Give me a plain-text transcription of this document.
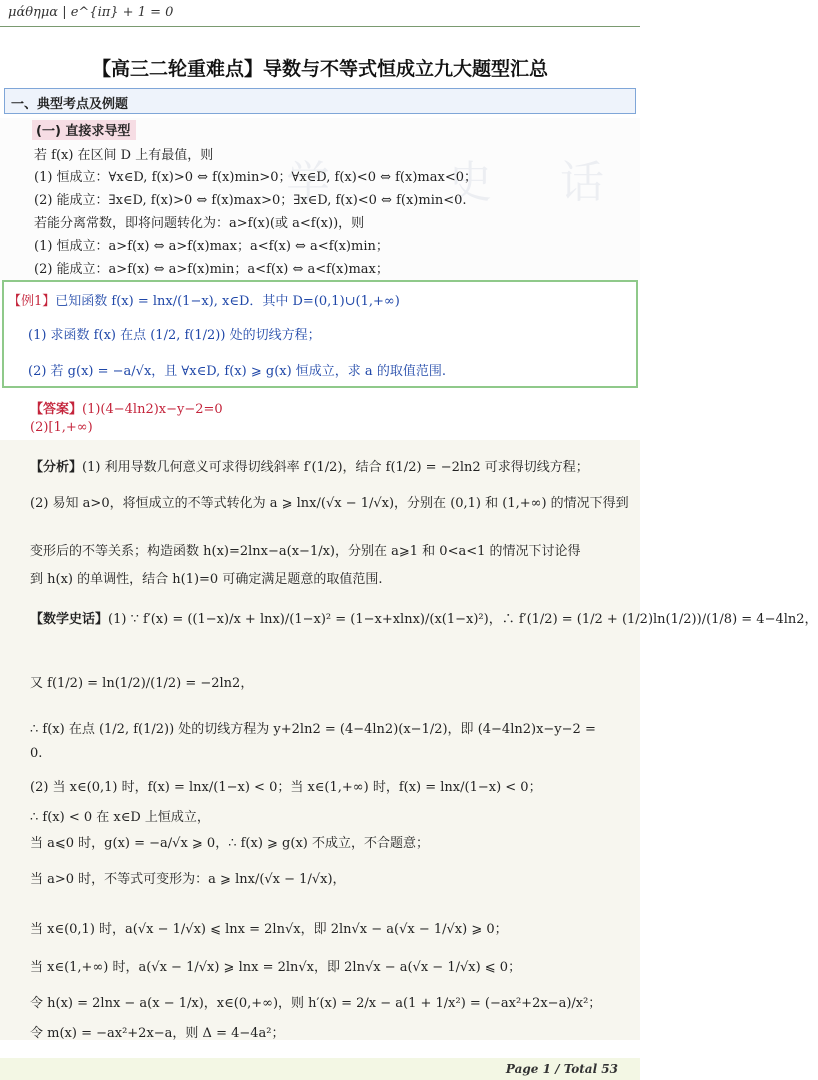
μάθημα | e^{iπ} + 1 = 0
【高三二轮重难点】导数与不等式恒成立九大题型汇总
一、典型考点及例题
学	史 话
(一) 直接求导型
若 f(x) 在区间 D 上有最值，则
(1) 恒成立：∀x∈D, f(x)>0 ⇔ f(x)min>0；∀x∈D, f(x)<0 ⇔ f(x)max<0；
(2) 能成立：∃x∈D, f(x)>0 ⇔ f(x)max>0；∃x∈D, f(x)<0 ⇔ f(x)min<0.
若能分离常数，即将问题转化为：a>f(x)(或 a<f(x))，则
(1) 恒成立：a>f(x) ⇔ a>f(x)max；a<f(x) ⇔ a<f(x)min；
(2) 能成立：a>f(x) ⇔ a>f(x)min；a<f(x) ⇔ a<f(x)max；
【例1】已知函数 f(x) = lnx/(1−x), x∈D．其中 D=(0,1)∪(1,+∞)
(1) 求函数 f(x) 在点 (1/2, f(1/2)) 处的切线方程；
(2) 若 g(x) = −a/√x，且 ∀x∈D, f(x) ⩾ g(x) 恒成立，求 a 的取值范围.
【答案】(1)(4−4ln2)x−y−2=0
(2)[1,+∞)
【分析】(1) 利用导数几何意义可求得切线斜率 f′(1/2)，结合 f(1/2) = −2ln2 可求得切线方程；
(2) 易知 a>0，将恒成立的不等式转化为 a ⩾ lnx/(√x − 1/√x)，分别在 (0,1) 和 (1,+∞) 的情况下得到
变形后的不等关系；构造函数 h(x)=2lnx−a(x−1/x)，分别在 a⩾1 和 0<a<1 的情况下讨论得
到 h(x) 的单调性，结合 h(1)=0 可确定满足题意的取值范围.
【数学史话】(1) ∵ f′(x) = ((1−x)/x + lnx)/(1−x)² = (1−x+xlnx)/(x(1−x)²)，∴ f′(1/2) = (1/2 + (1/2)ln(1/2))/(1/8) = 4−4ln2，
又 f(1/2) = ln(1/2)/(1/2) = −2ln2，
∴ f(x) 在点 (1/2, f(1/2)) 处的切线方程为 y+2ln2 = (4−4ln2)(x−1/2)，即 (4−4ln2)x−y−2 =
0.
(2) 当 x∈(0,1) 时，f(x) = lnx/(1−x) < 0；当 x∈(1,+∞) 时，f(x) = lnx/(1−x) < 0；
∴ f(x) < 0 在 x∈D 上恒成立，
当 a⩽0 时，g(x) = −a/√x ⩾ 0，∴ f(x) ⩾ g(x) 不成立，不合题意；
当 a>0 时，不等式可变形为：a ⩾ lnx/(√x − 1/√x)，
当 x∈(0,1) 时，a(√x − 1/√x) ⩽ lnx = 2ln√x，即 2ln√x − a(√x − 1/√x) ⩾ 0；
当 x∈(1,+∞) 时，a(√x − 1/√x) ⩾ lnx = 2ln√x，即 2ln√x − a(√x − 1/√x) ⩽ 0；
令 h(x) = 2lnx − a(x − 1/x)，x∈(0,+∞)，则 h′(x) = 2/x − a(1 + 1/x²) = (−ax²+2x−a)/x²；
令 m(x) = −ax²+2x−a，则 Δ = 4−4a²；
Page 1 / Total 53
